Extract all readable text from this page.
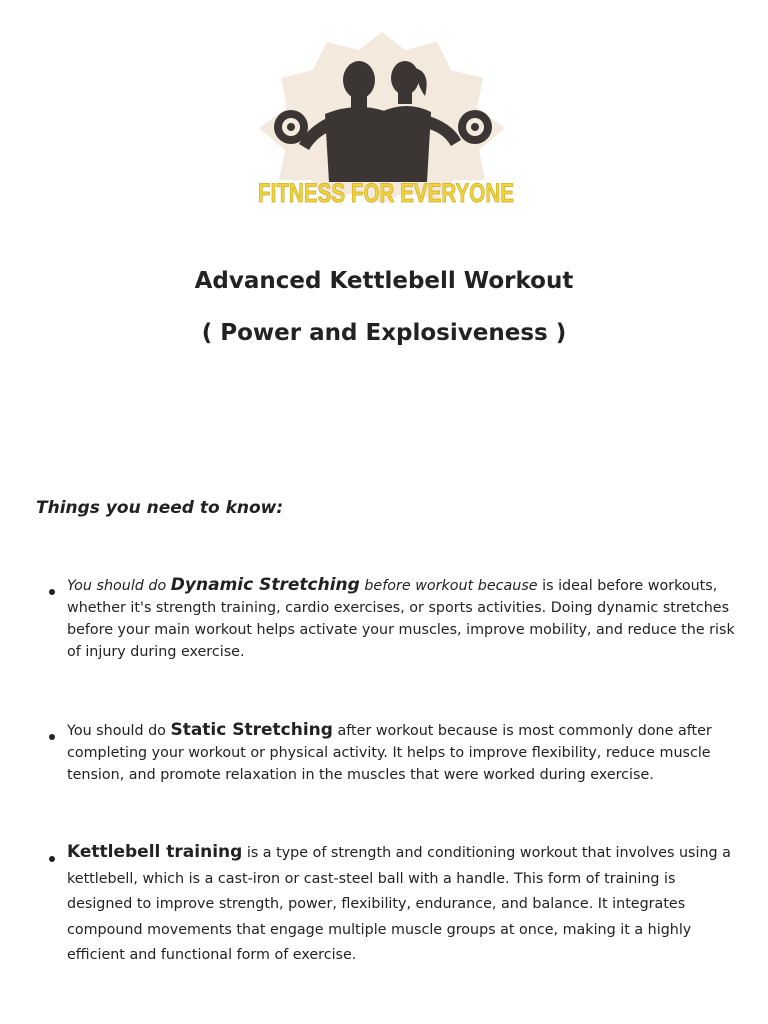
FITNESS FOR EVERYONE
Advanced Kettlebell Workout
( Power and Explosiveness )

Things you need to know:

You should do Dynamic Stretching before workout because is ideal before workouts, whether it's strength training, cardio exercises, or sports activities. Doing dynamic stretches before your main workout helps activate your muscles, improve mobility, and reduce the risk of injury during exercise.
You should do Static Stretching after workout because is most commonly done after completing your workout or physical activity. It helps to improve flexibility, reduce muscle tension, and promote relaxation in the muscles that were worked during exercise.
Kettlebell training is a type of strength and conditioning workout that involves using a kettlebell, which is a cast-iron or cast-steel ball with a handle. This form of training is designed to improve strength, power, flexibility, endurance, and balance. It integrates compound movements that engage multiple muscle groups at once, making it a highly efficient and functional form of exercise.
